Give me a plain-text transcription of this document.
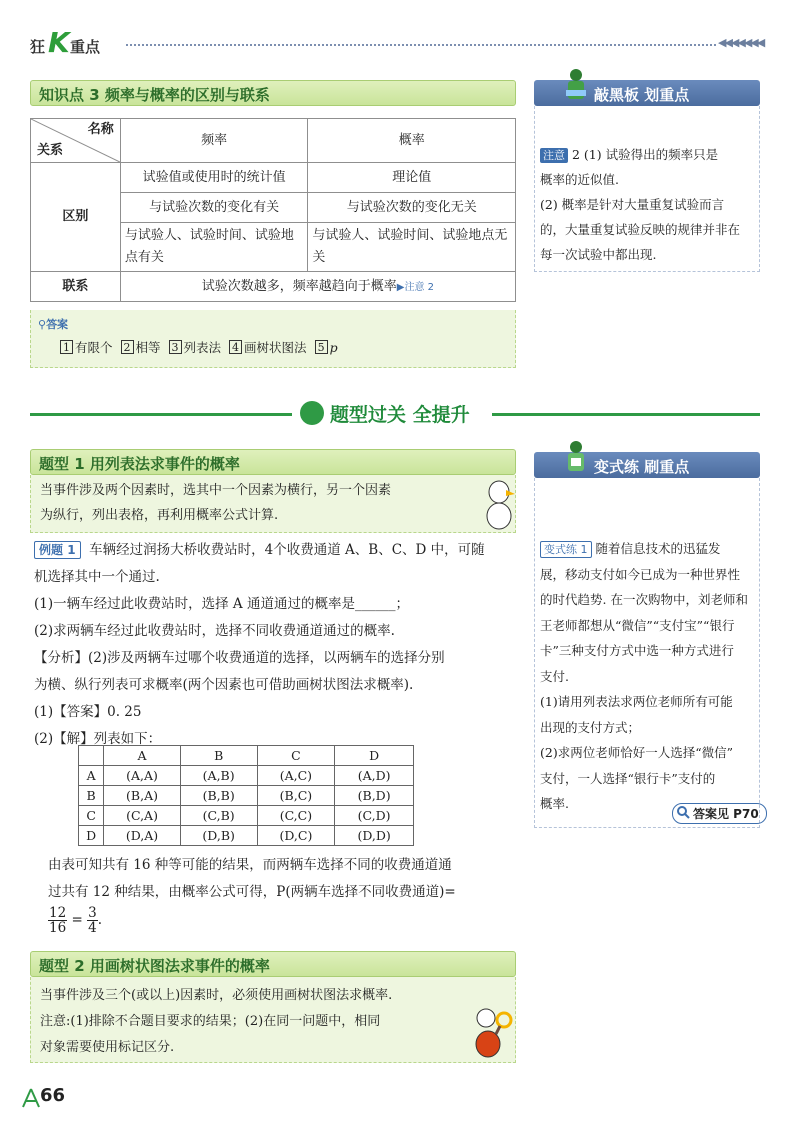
狂 K 重点	◀◀◀◀◀◀◀
知识点 3 频率与概率的区别与联系
名称
关系	频率	概率
区别	试验值或使用时的统计值	理论值
	与试验次数的变化有关	与试验次数的变化无关
	与试验人、试验时间、试验地点有关	与试验人、试验时间、试验地点无关
联系	试验次数越多，频率越趋向于概率▶注意 2	
⚲答案
1 有限个 2 相等 3 列表法 4 画树状图法 5 p
敲黑板 划重点
注意 2 (1) 试验得出的频率只是
概率的近似值.
(2) 概率是针对大量重复试验而言
的，大量重复试验反映的规律并非在
每一次试验中都出现.
题型过关 全提升
题型 1 用列表法求事件的概率
当事件涉及两个因素时，选其中一个因素为横行，另一个因素
为纵行，列出表格，再利用概率公式计算.
例题 1 车辆经过润扬大桥收费站时，4个收费通道 A、B、C、D 中，可随
机选择其中一个通过.
(1)一辆车经过此收费站时，选择 A 通道通过的概率是______；
(2)求两辆车经过此收费站时，选择不同收费通道通过的概率.
【分析】(2)涉及两辆车过哪个收费通道的选择，以两辆车的选择分别
为横、纵行列表可求概率(两个因素也可借助画树状图法求概率).
(1)【答案】0. 25
(2)【解】列表如下：
	A	B	C	D
A	(A,A)	(A,B)	(A,C)	(A,D)
B	(B,A)	(B,B)	(B,C)	(B,D)
C	(C,A)	(C,B)	(C,C)	(C,D)
D	(D,A)	(D,B)	(D,C)	(D,D)
由表可知共有 16 种等可能的结果，而两辆车选择不同的收费通道通
过共有 12 种结果，由概率公式可得，P(两辆车选择不同收费通道)=
$\frac{12}{16} = \frac{3}{4}$ .
变式练 刷重点
变式练 1 随着信息技术的迅猛发
展，移动支付如今已成为一种世界性
的时代趋势. 在一次购物中，刘老师和
王老师都想从“微信”“支付宝”“银行
卡”三种支付方式中选一种方式进行
支付.
(1)请用列表法求两位老师所有可能
出现的支付方式；
(2)求两位老师恰好一人选择“微信”
支付，一人选择“银行卡”支付的
概率.
答案见 P70
题型 2 用画树状图法求事件的概率
当事件涉及三个(或以上)因素时，必须使用画树状图法求概率.
注意:(1)排除不合题目要求的结果；(2)在同一问题中，相同
对象需要使用标记区分.
66
